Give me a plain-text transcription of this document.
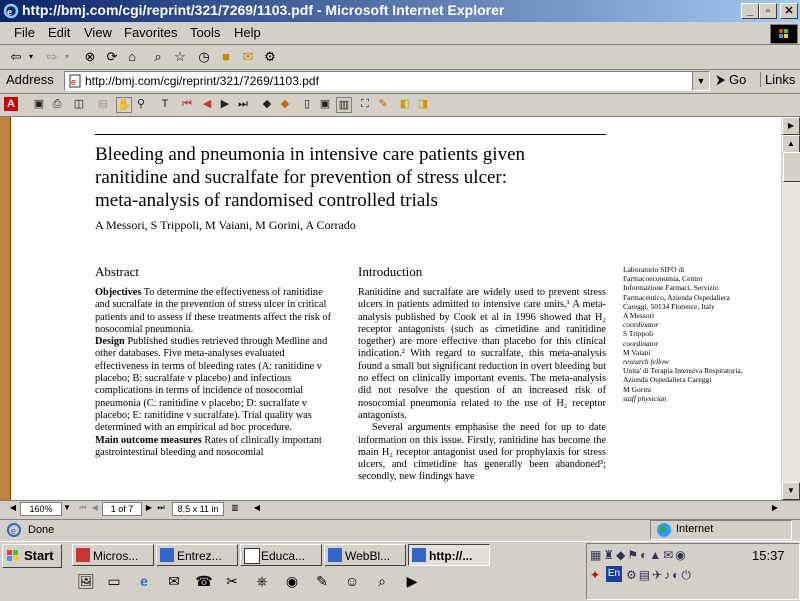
e http://bmj.com/cgi/reprint/321/7269/1103.pdf - Microsoft Internet Explorer	_	▫	✕
File Edit View Favorites Tools Help
⇦ ▾ ⇨ ▾ ⊗ ⟳ ⌂	⌕ ☆ ◷ ■ ✉ ⚙
Address e http://bmj.com/cgi/reprint/321/7269/1103.pdf	▼ ⮞ Go	Links
A ▣ ⎙ ◫ ▤ ✋ ⚲	T	⏮ ◀ ▶ ⏭ ◆ ◆	▯ ▣ ▥ ⛶ ✎ ◧ ◨
Bleeding and pneumonia in intensive care patients given
ranitidine and sucralfate for prevention of stress ulcer:
meta-analysis of randomised controlled trials
A Messori, S Trippoli, M Vaiani, M Gorini, A Corrado
Abstract
Objectives To determine the effectiveness of ranitidine and sucralfate in the prevention of stress ulcer in critical patients and to assess if these treatments affect the risk of nosocomial pneumonia.
Design Published studies retrieved through Medline and other databases. Five meta-analyses evaluated effectiveness in terms of bleeding rates (A: ranitidine v placebo; B: sucralfate v placebo) and infectious complications in terms of incidence of nosocomial pneumonia (C: ranitidine v placebo; D: sucralfate v placebo; E: ranitidine v sucralfate). Trial quality was determined with an empirical ad hoc procedure.
Main outcome measures Rates of clinically important gastrointestinal bleeding and nosocomial
Introduction

Ranitidine and sucralfate are widely used to prevent stress ulcers in patients admitted to intensive care units.¹ A meta-analysis published by Cook et al in 1996 showed that H₂ receptor antagonists (such as cimetidine and ranitidine together) are more effective than placebo for this clinical indication.² With regard to sucralfate, this meta-analysis found a small but significant reduction in overt bleeding but no effect on clinically important events. The meta-analysis did not resolve the question of an increased risk of nosocomial pneumonia related to the use of H₂ receptor antagonists.

Several arguments emphasise the need for up to date information on this issue. Firstly, ranitidine has become the main H₂ receptor antagonist used for prophylaxis for stress ulcers, and cimetidine has generally been abandoned³; secondly, new findings have

Laboratorio SIFO di Farmacoeconomia, Centro Informazione Farmaci, Servizio Farmaceutico, Azienda Ospedaliera Careggi, 50134 Florence, Italy
A Messori
coordinator
S Trippoli
coordinator
M Vaiani
research fellow
Unita' di Terapia Intensiva Respiratoria, Azienda Ospedaliera Careggi
M Gorini
staff physician
▶
▲
▼
◀	160%	▼ ⏮ ◀	1 of 7	▶ ⏭	8,5 x 11 in	▥ ◀	▶
e Done	Internet
Start	Micros...	Entrez...	Educa...	WebBl...	http://...
🖼 ▭	e	✉ ☎ ✂	⎈	◉ ✎ ☺	⌕	▶
▦♜◆⚑◐▲✉◉
✦ En ⚙▤✈♪◐⏻
15:37
